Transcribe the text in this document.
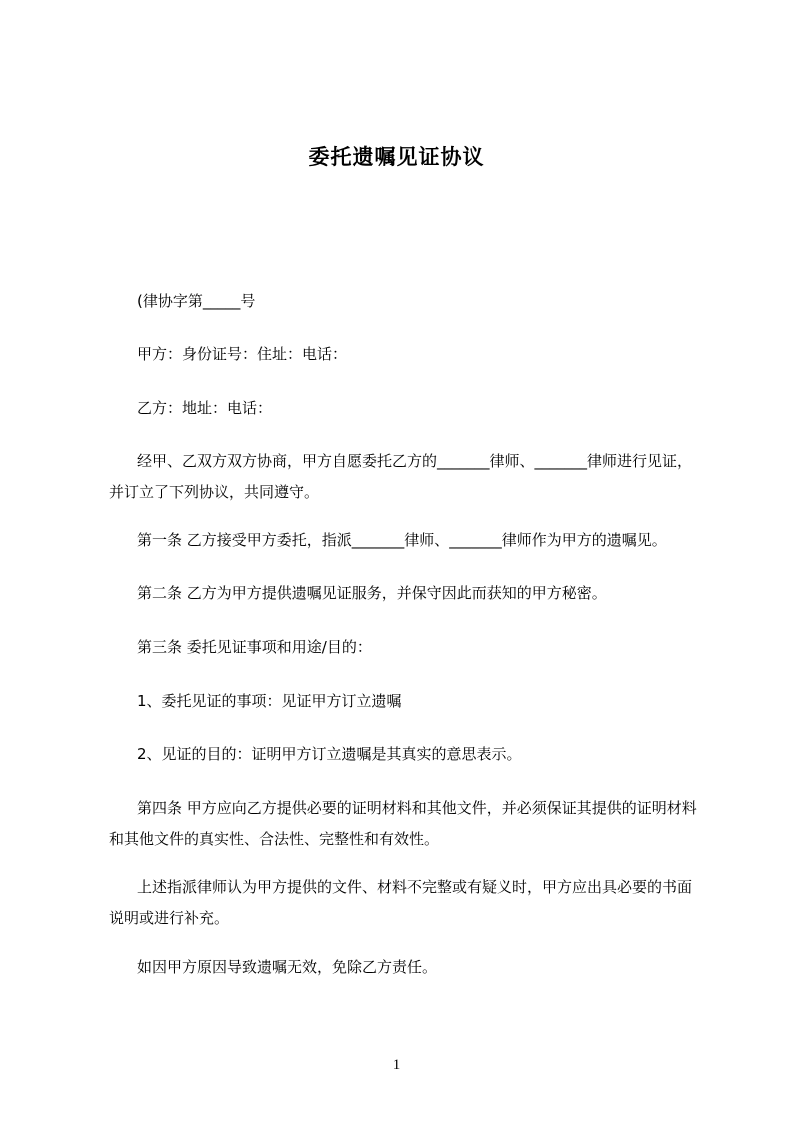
委托遗嘱见证协议
(律协字第_____号
甲方：身份证号：住址：电话：
乙方：地址：电话：
经甲、乙双方双方协商，甲方自愿委托乙方的_______律师、_______律师进行见证，并订立了下列协议，共同遵守。
第一条 乙方接受甲方委托，指派_______律师、_______律师作为甲方的遗嘱见。
第二条 乙方为甲方提供遗嘱见证服务，并保守因此而获知的甲方秘密。
第三条 委托见证事项和用途/目的：
1、委托见证的事项：见证甲方订立遗嘱
2、见证的目的：证明甲方订立遗嘱是其真实的意思表示。
第四条 甲方应向乙方提供必要的证明材料和其他文件，并必须保证其提供的证明材料和其他文件的真实性、合法性、完整性和有效性。
上述指派律师认为甲方提供的文件、材料不完整或有疑义时，甲方应出具必要的书面说明或进行补充。
如因甲方原因导致遗嘱无效，免除乙方责任。
1
